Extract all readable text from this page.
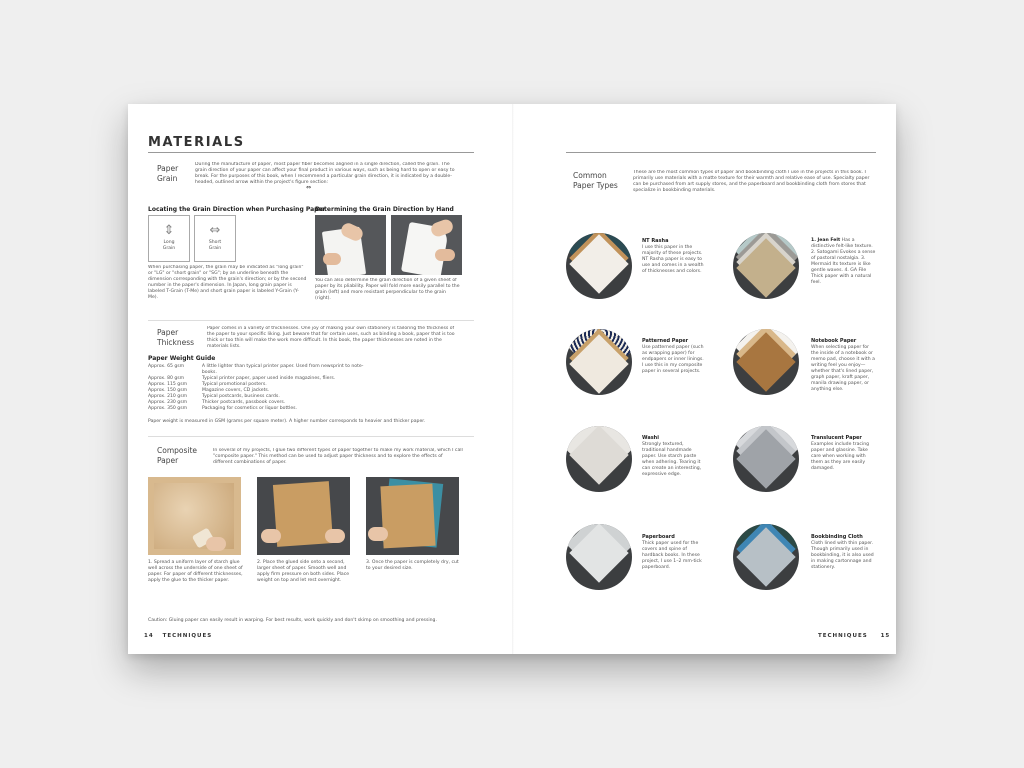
MATERIALS
Paper
Grain
During the manufacture of paper, most paper fiber becomes aligned in a single direction, called the grain. The grain direction of your paper can affect your final product in various ways, such as being hard to open or easy to break. For the purposes of this book, when I recommend a particular grain direction, it is indicated by a double-headed, outlined arrow within the project's figure section:
⇔
Locating the Grain Direction when Purchasing Paper
Determining the Grain Direction by Hand
⇕
Long
Grain
⇔
Short
Grain
When purchasing paper, the grain may be indicated as "long grain" or "LG" or "short grain" or "SG"; by an underline beneath the dimension corresponding with the grain's direction; or by the second number in the paper's dimension. In Japan, long grain paper is labeled T-Grain (T-Me) and short grain paper is labeled Y-Grain (Y-Me).
You can also determine the grain direction of a given sheet of paper by its pliability. Paper will fold more easily parallel to the grain (left) and more resistant perpendicular to the grain (right).
Paper
Thickness
Paper comes in a variety of thicknesses. One joy of making your own stationery is tailoring the thickness of the paper to your specific liking. Just beware that for certain uses, such as binding a book, paper that is too thick or too thin will make the work more difficult. In this book, the paper thicknesses are noted in the materials lists.
Paper Weight Guide
Approx. 65 gsm	A little lighter than typical printer paper. Used from newsprint to note-books.
Approx. 80 gsm	Typical printer paper, paper used inside magazines, fliers.
Approx. 115 gsm	Typical promotional posters.
Approx. 150 gsm	Magazine covers, CD jackets.
Approx. 210 gsm	Typical postcards, business cards.
Approx. 230 gsm	Thicker postcards, passbook covers.
Approx. 350 gsm	Packaging for cosmetics or liquor bottles.
Paper weight is measured in GSM (grams per square meter). A higher number corresponds to heavier and thicker paper.
Composite
Paper
In several of my projects, I glue two different types of paper together to make my work material, which I call "composite paper." This method can be used to adjust paper thickness and to explore the effects of different combinations of paper.
1. Spread a uniform layer of starch glue well across the underside of one sheet of paper. For paper of different thicknesses, apply the glue to the thicker paper.
2. Place the glued side onto a second, larger sheet of paper. Smooth well and apply firm pressure on both sides. Place weight on top and let rest overnight.
3. Once the paper is completely dry, cut to your desired size.
Caution: Gluing paper can easily result in warping. For best results, work quickly and don't skimp on smoothing and pressing.
14 TECHNIQUES
Common
Paper Types
These are the most common types of paper and bookbinding cloth I use in the projects in this book. I primarily use materials with a matte texture for their warmth and relative ease of use. Specialty paper can be purchased from art supply stores, and the paperboard and bookbinding cloth from stores that specialize in bookbinding materials.
NT Rasha
I use this paper in the majority of these projects. NT Rasha paper is easy to use and comes in a wealth of thicknesses and colors.
1. Jean Felt Has a distinctive felt-like texture. 2. Satogami Evokes a sense of pastoral nostalgia. 3. Mermaid Its texture is like gentle waves. 4. GA File Thick paper with a natural feel.
Patterned Paper
Use patterned paper (such as wrapping paper) for endpapers or inner linings. I use this in my composite paper in several projects.
Notebook Paper
When selecting paper for the inside of a notebook or memo pad, choose it with a writing feel you enjoy—whether that's lined paper, graph paper, kraft paper, manila drawing paper, or anything else.
Washi
Strongly textured, traditional handmade paper. Use starch paste when adhering. Tearing it can create an interesting, expressive edge.
Translucent Paper
Examples include tracing paper and glassine. Take care when working with them as they are easily damaged.
Paperboard
Thick paper used for the covers and spine of hardback books. In these project, I use 1–2 mm-tick paperboard.
Bookbinding Cloth
Cloth lined with thin paper. Though primarily used in bookbinding, it is also used in making cartonnage and stationery.
TECHNIQUES 15
